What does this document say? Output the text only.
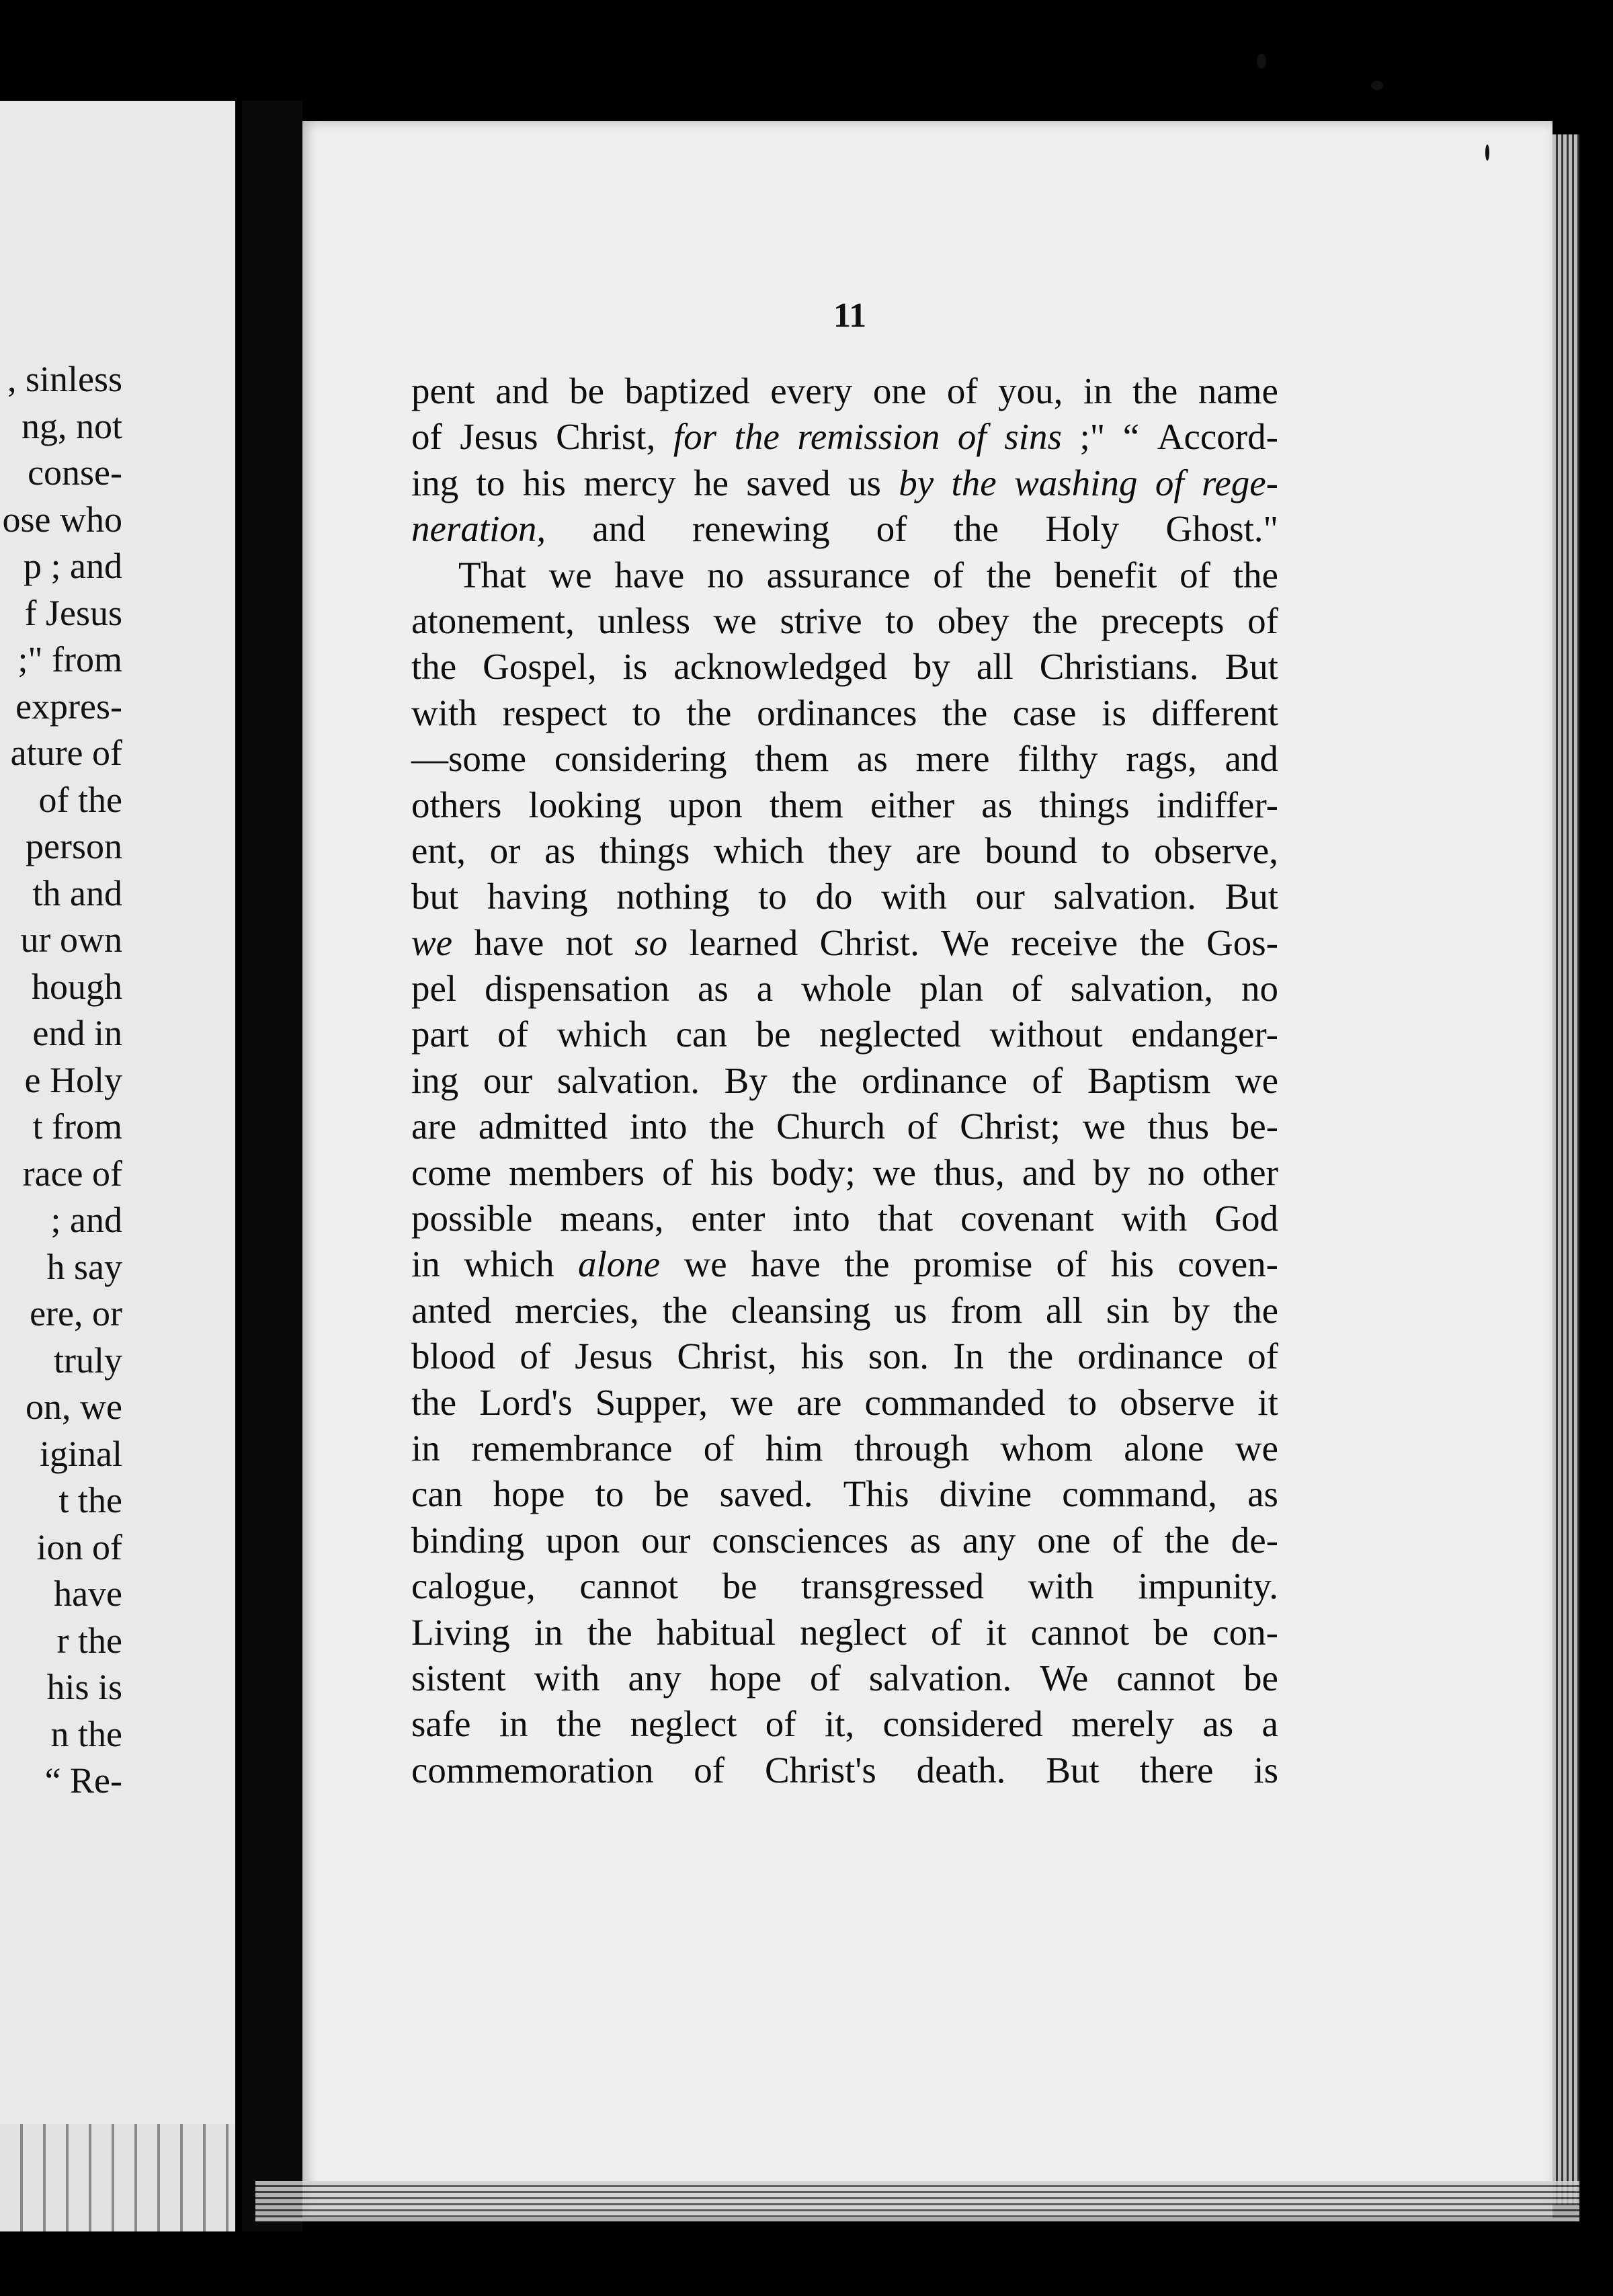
, sinless
ng, not
conse-
ose who
p ; and
f Jesus
;" from
expres-
ature of
of the
person
th and
ur own
hough
end in
e Holy
t from
race of
; and
h say
ere, or
truly
on, we
iginal
t the
ion of
have
r the
his is
n the
“ Re-
11
pent and be baptized every one of you, in the name
of Jesus Christ, for the remission of sins ;" “ Accord-
ing to his mercy he saved us by the washing of rege-
neration, and renewing of the Holy Ghost."
That we have no assurance of the benefit of the
atonement, unless we strive to obey the precepts of
the Gospel, is acknowledged by all Christians. But
with respect to the ordinances the case is different
—some considering them as mere filthy rags, and
others looking upon them either as things indiffer-
ent, or as things which they are bound to observe,
but having nothing to do with our salvation. But
we have not so learned Christ. We receive the Gos-
pel dispensation as a whole plan of salvation, no
part of which can be neglected without endanger-
ing our salvation. By the ordinance of Baptism we
are admitted into the Church of Christ; we thus be-
come members of his body; we thus, and by no other
possible means, enter into that covenant with God
in which alone we have the promise of his coven-
anted mercies, the cleansing us from all sin by the
blood of Jesus Christ, his son. In the ordinance of
the Lord's Supper, we are commanded to observe it
in remembrance of him through whom alone we
can hope to be saved. This divine command, as
binding upon our consciences as any one of the de-
calogue, cannot be transgressed with impunity.
Living in the habitual neglect of it cannot be con-
sistent with any hope of salvation. We cannot be
safe in the neglect of it, considered merely as a
commemoration of Christ's death. But there is
